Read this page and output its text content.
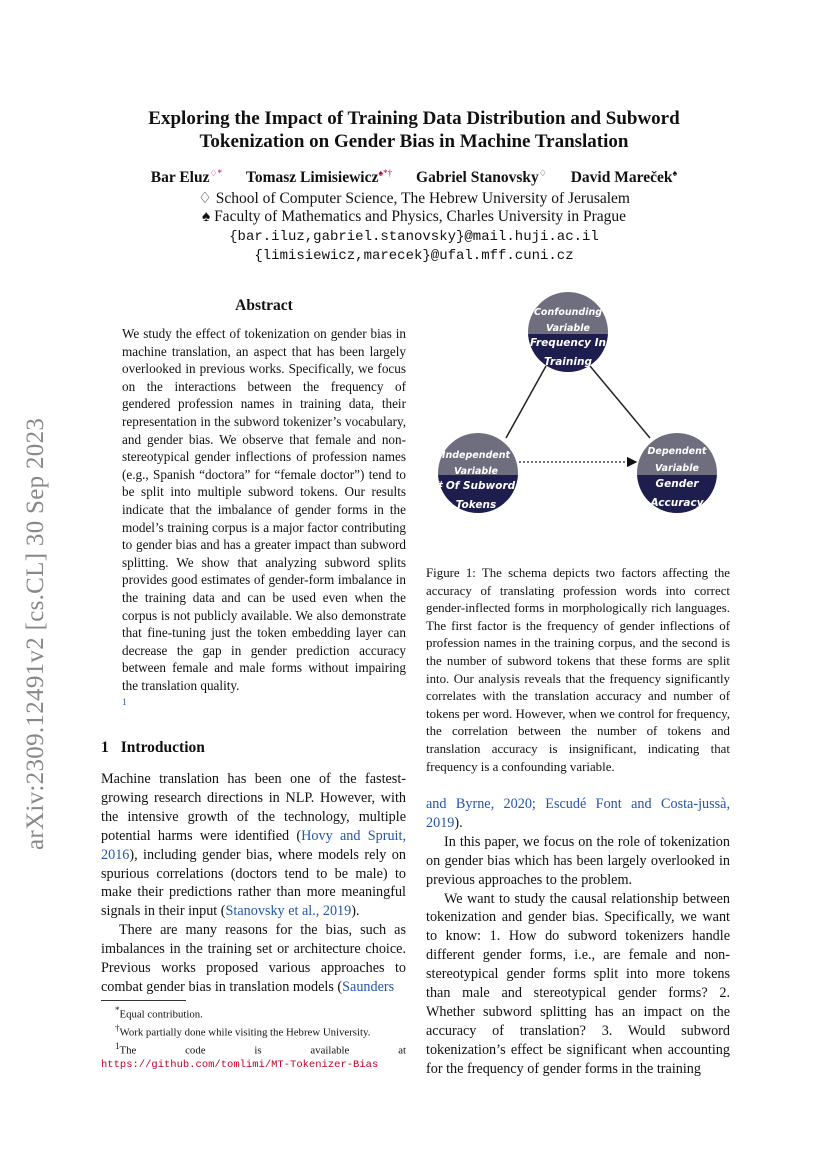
Exploring the Impact of Training Data Distribution and Subword
Tokenization on Gender Bias in Machine Translation
Bar Eluz♢* Tomasz Limisiewicz♠*† Gabriel Stanovsky♢ David Mareček♠
♢ School of Computer Science, The Hebrew University of Jerusalem
♠ Faculty of Mathematics and Physics, Charles University in Prague
{bar.iluz,gabriel.stanovsky}@mail.huji.ac.il
{limisiewicz,marecek}@ufal.mff.cuni.cz
arXiv:2309.12491v2 [cs.CL] 30 Sep 2023
Abstract
We study the effect of tokenization on gender bias in machine translation, an aspect that has been largely overlooked in previous works. Specifically, we focus on the interactions between the frequency of gendered profession names in training data, their representation in the subword tokenizer’s vocabulary, and gender bias. We observe that female and non-stereotypical gender inflections of profession names (e.g., Spanish “doctora” for “female doctor”) tend to be split into multiple subword tokens. Our results indicate that the imbalance of gender forms in the model’s training corpus is a major factor contributing to gender bias and has a greater impact than subword splitting. We show that analyzing subword splits provides good estimates of gender-form imbalance in the training data and can be used even when the corpus is not publicly available. We also demonstrate that fine-tuning just the token embedding layer can decrease the gap in gender prediction accuracy between female and male forms without impairing the translation quality.
1
1 Introduction

Machine translation has been one of the fastest-growing research directions in NLP. However, with the intensive growth of the technology, multiple potential harms were identified (Hovy and Spruit, 2016), including gender bias, where models rely on spurious correlations (doctors tend to be male) to make their predictions rather than more meaningful signals in their input (Stanovsky et al., 2019).

There are many reasons for the bias, such as imbalances in the training set or architecture choice. Previous works proposed various approaches to combat gender bias in translation models (Saunders

*Equal contribution.
†Work partially done while visiting the Hebrew University.
$^1$The code is available at https://github.com/tomlimi/MT-Tokenizer-Bias
Confounding
Variable
Frequency In
Training
Independent
Variable
# Of Subword
Tokens
Dependent
Variable
Gender
Accuracy
Figure 1: The schema depicts two factors affecting the accuracy of translating profession words into correct gender-inflected forms in morphologically rich languages. The first factor is the frequency of gender inflections of profession names in the training corpus, and the second is the number of subword tokens that these forms are split into. Our analysis reveals that the frequency significantly correlates with the translation accuracy and number of tokens per word. However, when we control for frequency, the correlation between the number of tokens and translation accuracy is insignificant, indicating that frequency is a confounding variable.

and Byrne, 2020; Escudé Font and Costa-jussà, 2019).

In this paper, we focus on the role of tokenization on gender bias which has been largely overlooked in previous approaches to the problem.

We want to study the causal relationship between tokenization and gender bias. Specifically, we want to know: 1. How do subword tokenizers handle different gender forms, i.e., are female and non-stereotypical gender forms split into more tokens than male and stereotypical gender forms? 2. Whether subword splitting has an impact on the accuracy of translation? 3. Would subword tokenization’s effect be significant when accounting for the frequency of gender forms in the training
